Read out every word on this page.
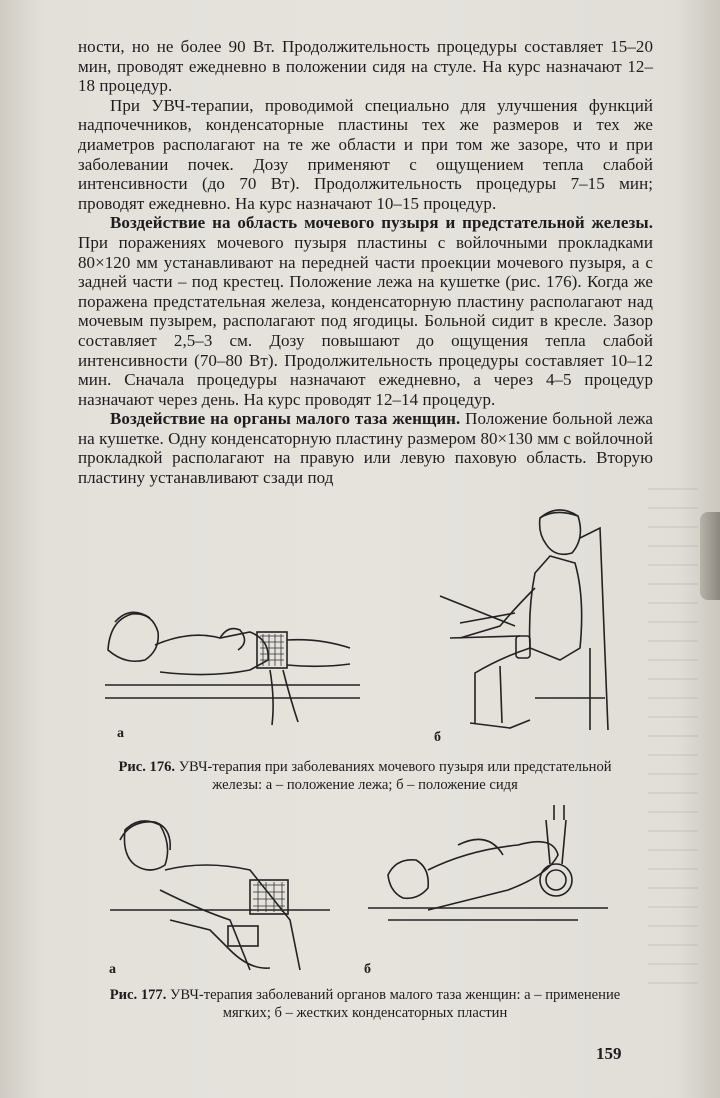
ности, но не более 90 Вт. Продолжительность процедуры составляет 15–20 мин, проводят ежедневно в положении сидя на стуле. На курс назначают 12–18 процедур.

При УВЧ-терапии, проводимой специально для улучшения функций надпочечников, конденсаторные пластины тех же размеров и тех же диаметров располагают на те же области и при том же зазоре, что и при заболевании почек. Дозу применяют с ощущением тепла слабой интенсивности (до 70 Вт). Продолжительность процедуры 7–15 мин; проводят ежедневно. На курс назначают 10–15 процедур.

Воздействие на область мочевого пузыря и предстательной железы. При поражениях мочевого пузыря пластины с войлочными прокладками 80×120 мм устанавливают на передней части проекции мочевого пузыря, а с задней части – под крестец. Положение лежа на кушетке (рис. 176). Когда же поражена предстательная железа, конденсаторную пластину располагают над мочевым пузырем, располагают под ягодицы. Больной сидит в кресле. Зазор составляет 2,5–3 см. Дозу повышают до ощущения тепла слабой интенсивности (70–80 Вт). Продолжительность процедуры составляет 10–12 мин. Сначала процедуры назначают ежедневно, а через 4–5 процедур назначают через день. На курс проводят 12–14 процедур.

Воздействие на органы малого таза женщин. Положение больной лежа на кушетке. Одну конденсаторную пластину размером 80×130 мм с войлочной прокладкой располагают на правую или левую паховую область. Вторую пластину устанавливают сзади под

а	б
Рис. 176. УВЧ-терапия при заболеваниях мочевого пузыря или предстательной железы: а – положение лежа; б – положение сидя
а	б
Рис. 177. УВЧ-терапия заболеваний органов малого таза женщин: а – применение мягких; б – жестких конденсаторных пластин
159
